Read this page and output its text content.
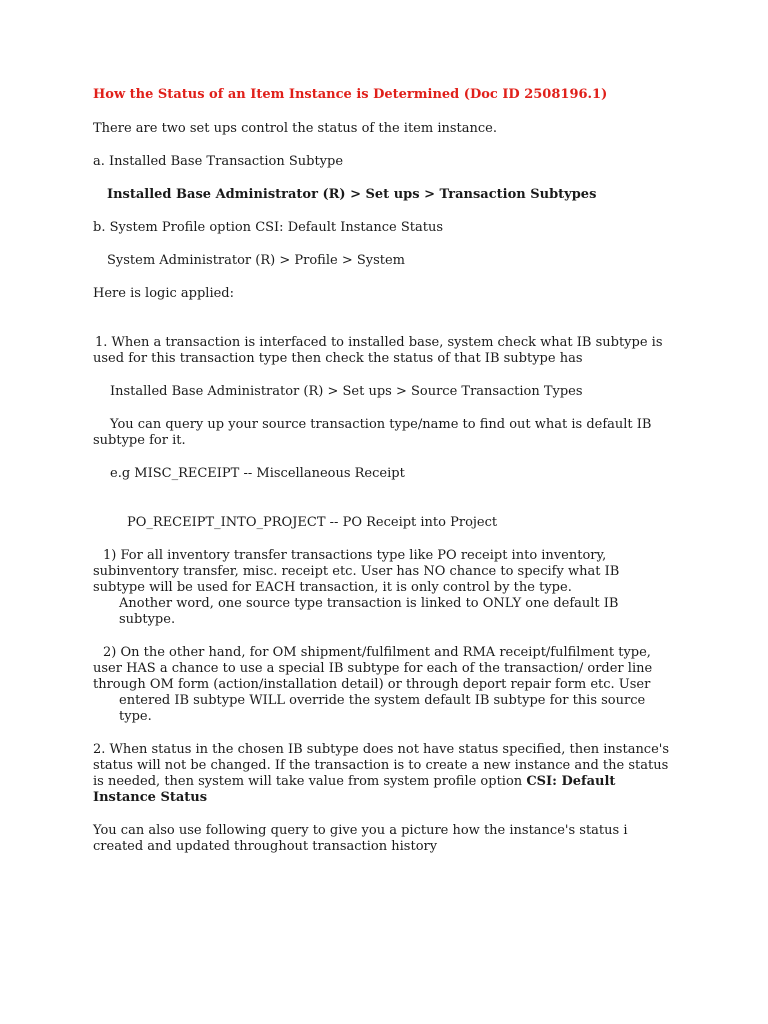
How the Status of an Item Instance is Determined (Doc ID 2508196.1)

There are two set ups control the status of the item instance.

a. Installed Base Transaction Subtype

Installed Base Administrator (R) > Set ups > Transaction Subtypes

b. System Profile option CSI: Default Instance Status

System Administrator (R) > Profile > System

Here is logic applied:

1. When a transaction is interfaced to installed base, system check what IB subtype is used for this transaction type then check the status of that IB subtype has

Installed Base Administrator (R) > Set ups > Source Transaction Types

You can query up your source transaction type/name to find out what is default IB subtype for it.

e.g MISC_RECEIPT -- Miscellaneous Receipt

PO_RECEIPT_INTO_PROJECT -- PO Receipt into Project

1) For all inventory transfer transactions type like PO receipt into inventory, subinventory transfer, misc. receipt etc. User has NO chance to specify what IB subtype will be used for EACH transaction, it is only control by the type.

Another word, one source type transaction is linked to ONLY one default IB subtype.

2) On the other hand, for OM shipment/fulfilment and RMA receipt/fulfilment type, user HAS a chance to use a special IB subtype for each of the transaction/ order line through OM form (action/installation detail) or through deport repair form etc. User

entered IB subtype WILL override the system default IB subtype for this source type.

2. When status in the chosen IB subtype does not have status specified, then instance's status will not be changed. If the transaction is to create a new instance and the status is needed, then system will take value from system profile option CSI: Default Instance Status

You can also use following query to give you a picture how the instance's status i created and updated throughout transaction history
